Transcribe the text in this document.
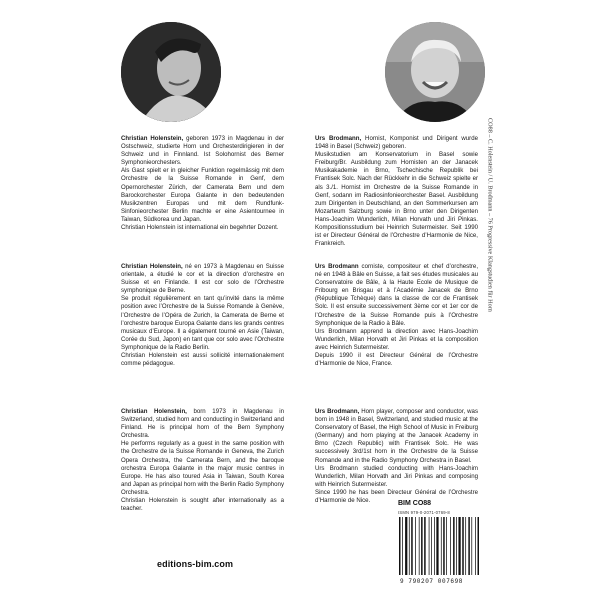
Christian Holenstein, geboren 1973 in Magdenau in der Ostschweiz, studierte Horn und Orchesterdirigieren in der Schweiz und in Finnland. Ist Solohornist des Berner Symphonieorchesters.

Als Gast spielt er in gleicher Funktion regelmässig mit dem Orchestre de la Suisse Romande in Genf, dem Opernorchester Zürich, der Camerata Bern und dem Barockorchester Europa Galante in den bedeutenden Musikzentren Europas und mit dem Rundfunk-Sinfonieorchester Berlin machte er eine Asientournee in Taiwan, Südkorea und Japan.

Christian Holenstein ist international ein begehrter Dozent.

Christian Holenstein, né en 1973 à Magdenau en Suisse orientale, a étudié le cor et la direction d’orchestre en Suisse et en Finlande. Il est cor solo de l’Orchestre symphonique de Berne.

Se produit régulièrement en tant qu’invité dans la même position avec l’Orchestre de la Suisse Romande à Genève, l’Orchestre de l’Opéra de Zurich, la Camerata de Berne et l’orchestre baroque Europa Galante dans les grands centres musicaux d’Europe. Il a également tourné en Asie (Taiwan, Corée du Sud, Japon) en tant que cor solo avec l’Orchestre Symphonique de la Radio Berlin.

Christian Holenstein est aussi sollicité internationalement comme pédagogue.

Christian Holenstein, born 1973 in Magdenau in Switzerland, studied horn and conducting in Switzerland and Finland. He is principal horn of the Bern Symphony Orchestra.

He performs regularly as a guest in the same position with the Orchestre de la Suisse Romande in Geneva, the Zurich Opera Orchestra, the Camerata Bern, and the baroque orchestra Europa Galante in the major music centres in Europe. He has also toured Asia in Taiwan, South Korea and Japan as principal horn with the Berlin Radio Symphony Orchestra.

Christian Holenstein is sought after internationally as a teacher.

Urs Brodmann, Hornist, Komponist und Dirigent wurde 1948 in Basel (Schweiz) geboren.

Musikstudien am Konservatorium in Basel sowie Freiburg/Br. Ausbildung zum Hornisten an der Janacek Musikakademie in Brno, Tschechische Republik bei Frantisek Solc. Nach der Rückkehr in die Schweiz spielte er als 3./1. Hornist im Orchestre de la Suisse Romande in Genf, sodann im Radiosinfonieorchester Basel. Ausbildung zum Dirigenten in Deutschland, an den Sommerkursen am Mozarteum Salzburg sowie in Brno unter den Dirigenten Hans-Joachim Wunderlich, Milan Horvath und Jiri Pinkas. Kompositionsstudium bei Heinrich Sutermeister. Seit 1990 ist er Directeur Général de l’Orchestre d’Harmonie de Nice, Frankreich.

Urs Brodmann corniste, compositeur et chef d’orchestre, né en 1948 à Bâle en Suisse, a fait ses études musicales au Conservatoire de Bâle, à la Haute Ecole de Musique de Fribourg en Brisgau et à l’Académie Janacek de Brno (République Tchèque) dans la classe de cor de Frantisek Solc. Il est ensuite successivement 3ème cor et 1er cor de l’Orchestre de la Suisse Romande puis à l’Orchestre Symphonique de la Radio à Bâle.

Urs Brodmann apprend la direction avec Hans-Joachim Wunderlich, Milan Horvath et Jiri Pinkas et la composition avec Heinrich Sutermeister.

Depuis 1990 il est Directeur Général de l’Orchestre d’Harmonie de Nice, France.

Urs Brodmann, Horn player, composer and conductor, was born in 1948 in Basel, Switzerland, and studied music at the Conservatory of Basel, the High School of Music in Freiburg (Germany) and horn playing at the Janacek Academy in Brno (Czech Republic) with Frantisek Solc. He was successively 3rd/1st horn in the Orchestre de la Suisse Romande and in the Radio Symphony Orchestra in Basel.

Urs Brodmann studied conducting with Hans-Joachim Wunderlich, Milan Horvath and Jiri Pinkas and composing with Heinrich Sutermeister.

Since 1990 he has been Directeur Général de l’Orchestre d’Harmonie de Nice.

CO88 – C. Holenstein / U. Brodmann – 76 Progressive Klangstudien für Horn
editions-bim.com
BIM CO88
ISMN 979-0-2071-0769-8
9 790207 007698
